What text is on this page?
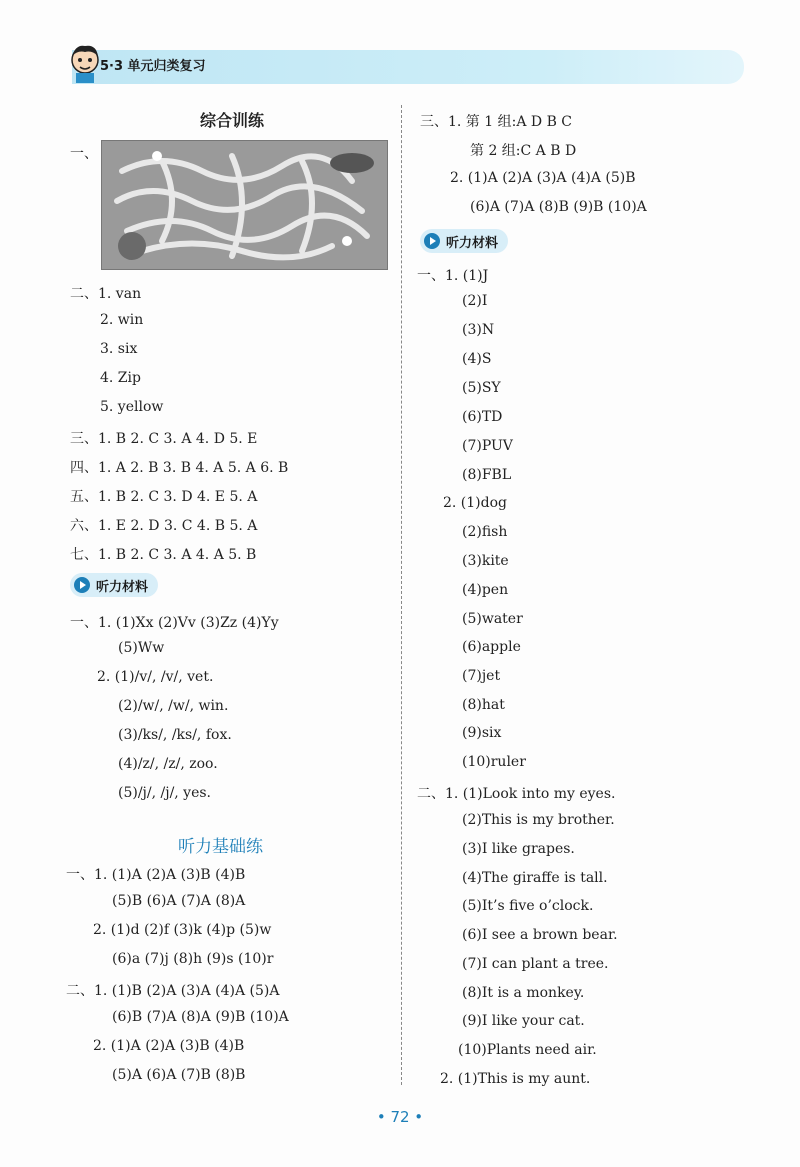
5·3 单元归类复习
综合训练
一、
二、1. van
2. win
3. six
4. Zip
5. yellow
三、1. B 2. C 3. A 4. D 5. E
四、1. A 2. B 3. B 4. A 5. A 6. B
五、1. B 2. C 3. D 4. E 5. A
六、1. E 2. D 3. C 4. B 5. A
七、1. B 2. C 3. A 4. A 5. B
听力材料
一、1. (1)Xx (2)Vv (3)Zz (4)Yy
(5)Ww
2. (1)/v/, /v/, vet.
(2)/w/, /w/, win.
(3)/ks/, /ks/, fox.
(4)/z/, /z/, zoo.
(5)/j/, /j/, yes.
听力基础练
一、1. (1)A (2)A (3)B (4)B
(5)B (6)A (7)A (8)A
2. (1)d (2)f (3)k (4)p (5)w
(6)a (7)j (8)h (9)s (10)r
二、1. (1)B (2)A (3)A (4)A (5)A
(6)B (7)A (8)A (9)B (10)A
2. (1)A (2)A (3)B (4)B
(5)A (6)A (7)B (8)B
三、1. 第 1 组:A D B C
第 2 组:C A B D
2. (1)A (2)A (3)A (4)A (5)B
(6)A (7)A (8)B (9)B (10)A
听力材料
一、1. (1)J
(2)I
(3)N
(4)S
(5)SY
(6)TD
(7)PUV
(8)FBL
2. (1)dog
(2)fish
(3)kite
(4)pen
(5)water
(6)apple
(7)jet
(8)hat
(9)six
(10)ruler
二、1. (1)Look into my eyes.
(2)This is my brother.
(3)I like grapes.
(4)The giraffe is tall.
(5)It’s five o’clock.
(6)I see a brown bear.
(7)I can plant a tree.
(8)It is a monkey.
(9)I like your cat.
(10)Plants need air.
2. (1)This is my aunt.
• 72 •
